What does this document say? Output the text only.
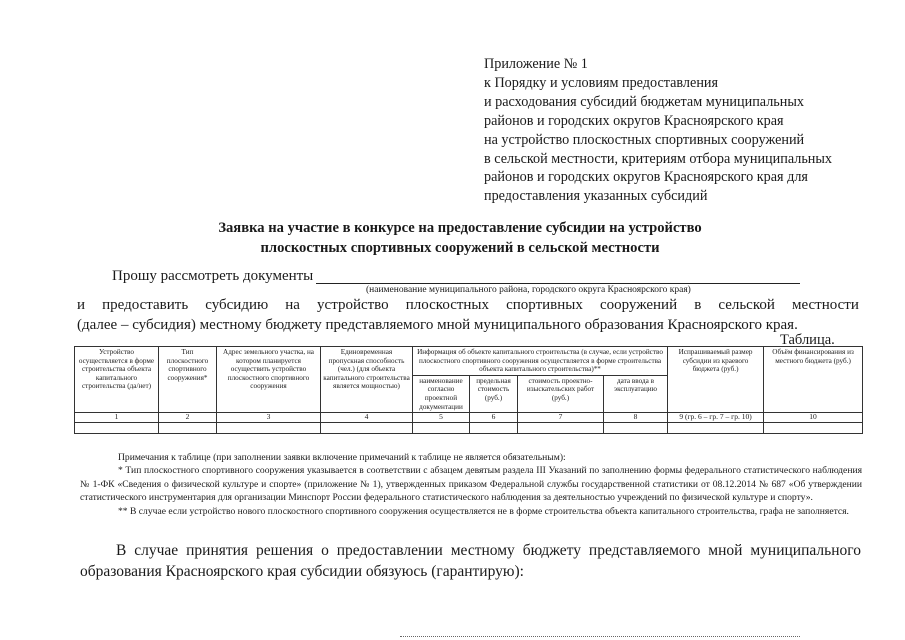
Приложение № 1
к Порядку и условиям предоставления
и расходования субсидий бюджетам муниципальных
районов и городских округов Красноярского края
на устройство плоскостных спортивных сооружений
в сельской местности, критериям отбора муниципальных
районов и городских округов Красноярского края для
предоставления указанных субсидий
Заявка на участие в конкурсе на предоставление субсидии на устройство
плоскостных спортивных сооружений в сельской местности
Прошу рассмотреть документы
(наименование муниципального района, городского округа Красноярского края)
и предоставить субсидию на устройство плоскостных спортивных сооружений в сельской местности
(далее – субсидия) местному бюджету представляемого мной муниципального образования Красноярского края.
Таблица.
Устройство осуществляется в форме строительства объекта капитального строительства (да/нет)	Тип плоскостного спортивного сооружения*	Адрес земельного участка, на котором планируется осуществить устройство плоскостного спортивного сооружения	Единовременная пропускная способность (чел.) (для объекта капитального строительства является мощностью)	Информация об объекте капитального строительства (в случае, если устройство плоскостного спортивного сооружения осуществляется в форме строительства объекта капитального строительства)**				Испрашиваемый размер субсидии из краевого бюджета (руб.)	Объём финансирования из местного бюджета (руб.)
				наименование согласно проектной документации	предельная стоимость (руб.)	стоимость проектно-изыскательских работ (руб.)	дата ввода в эксплуатацию		
1	2	3	4	5	6	7	8	9 (гр. 6 – гр. 7 – гр. 10)	10

Примечания к таблице (при заполнении заявки включение примечаний к таблице не является обязательным):
* Тип плоскостного спортивного сооружения указывается в соответствии с абзацем девятым раздела III Указаний по заполнению формы федерального статистического наблюдения № 1-ФК «Сведения о физической культуре и спорте» (приложение № 1), утвержденных приказом Федеральной службы государственной статистики от 08.12.2014 № 687 «Об утверждении статистического инструментария для организации Минспорт России федерального статистического наблюдения за деятельностью учреждений по физической культуре и спорту».
** В случае если устройство нового плоскостного спортивного сооружения осуществляется не в форме строительства объекта капитального строительства, графа не заполняется.
В случае принятия решения о предоставлении местному бюджету представляемого мной муниципального образования Красноярского края субсидии обязуюсь (гарантирую):
